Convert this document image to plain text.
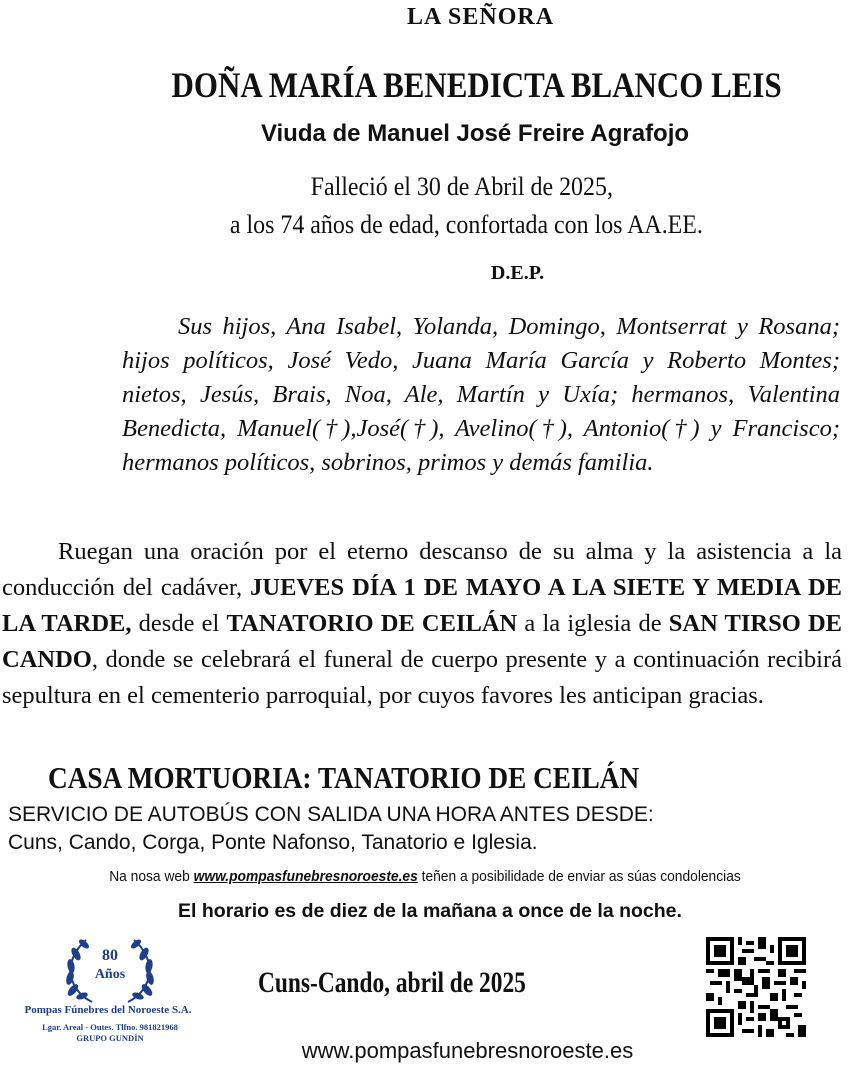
LA SEÑORA
DOÑA MARÍA BENEDICTA BLANCO LEIS
Viuda de Manuel José Freire Agrafojo
Falleció el 30 de Abril de 2025,
a los 74 años de edad, confortada con los AA.EE.
D.E.P.
Sus hijos, Ana Isabel, Yolanda, Domingo, Montserrat y Rosana; hijos políticos, José Vedo, Juana María García y Roberto Montes; nietos, Jesús, Brais, Noa, Ale, Martín y Uxía; hermanos, Valentina Benedicta, Manuel(†),José(†), Avelino(†), Antonio(†) y Francisco; hermanos políticos, sobrinos, primos y demás familia.
Ruegan una oración por el eterno descanso de su alma y la asistencia a la conducción del cadáver, JUEVES DÍA 1 DE MAYO A LA SIETE Y MEDIA DE LA TARDE, desde el TANATORIO DE CEILÁN a la iglesia de SAN TIRSO DE CANDO, donde se celebrará el funeral de cuerpo presente y a continuación recibirá sepultura en el cementerio parroquial, por cuyos favores les anticipan gracias.
CASA MORTUORIA: TANATORIO DE CEILÁN
SERVICIO DE AUTOBÚS CON SALIDA UNA HORA ANTES DESDE:
Cuns, Cando, Corga, Ponte Nafonso, Tanatorio e Iglesia.
Na nosa web www.pompasfunebresnoroeste.es teñen a posibilidade de enviar as súas condolencias
El horario es de diez de la mañana a once de la noche.
80
Años
Pompas Fúnebres del Noroeste S.A.
Lgar. Areal - Outes. Tlfno. 981821968
GRUPO GUNDÍN
Cuns-Cando, abril de 2025
www.pompasfunebresnoroeste.es
